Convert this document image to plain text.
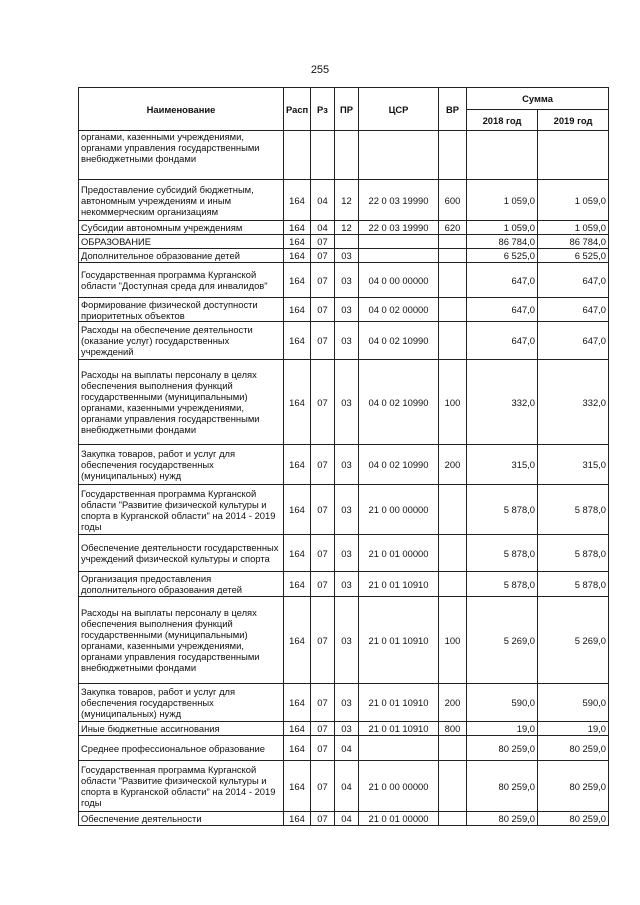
255
Наименование	Расп	Рз	ПР	ЦСР	ВР	Сумма	
						2018 год	2019 год
органами, казенными учреждениями, органами управления государственными внебюджетными фондами							
Предоставление субсидий бюджетным, автономным учреждениям и иным некоммерческим организациям	164	04	12	22 0 03 19990	600	1 059,0	1 059,0
Субсидии автономным учреждениям	164	04	12	22 0 03 19990	620	1 059,0	1 059,0
ОБРАЗОВАНИЕ	164	07				86 784,0	86 784,0
Дополнительное образование детей	164	07	03			6 525,0	6 525,0
Государственная программа Курганской области "Доступная среда для инвалидов"	164	07	03	04 0 00 00000		647,0	647,0
Формирование физической доступности приоритетных объектов	164	07	03	04 0 02 00000		647,0	647,0
Расходы на обеспечение деятельности (оказание услуг) государственных учреждений	164	07	03	04 0 02 10990		647,0	647,0
Расходы на выплаты персоналу в целях обеспечения выполнения функций государственными (муниципальными) органами, казенными учреждениями, органами управления государственными внебюджетными фондами	164	07	03	04 0 02 10990	100	332,0	332,0
Закупка товаров, работ и услуг для обеспечения государственных (муниципальных) нужд	164	07	03	04 0 02 10990	200	315,0	315,0
Государственная программа Курганской области "Развитие физической культуры и спорта в Курганской области" на 2014 - 2019 годы	164	07	03	21 0 00 00000		5 878,0	5 878,0
Обеспечение деятельности государственных учреждений физической культуры и спорта	164	07	03	21 0 01 00000		5 878,0	5 878,0
Организация предоставления дополнительного образования детей	164	07	03	21 0 01 10910		5 878,0	5 878,0
Расходы на выплаты персоналу в целях обеспечения выполнения функций государственными (муниципальными) органами, казенными учреждениями, органами управления государственными внебюджетными фондами	164	07	03	21 0 01 10910	100	5 269,0	5 269,0
Закупка товаров, работ и услуг для обеспечения государственных (муниципальных) нужд	164	07	03	21 0 01 10910	200	590,0	590,0
Иные бюджетные ассигнования	164	07	03	21 0 01 10910	800	19,0	19,0
Среднее профессиональное образование	164	07	04			80 259,0	80 259,0
Государственная программа Курганской области "Развитие физической культуры и спорта в Курганской области" на 2014 - 2019 годы	164	07	04	21 0 00 00000		80 259,0	80 259,0
Обеспечение деятельности	164	07	04	21 0 01 00000		80 259,0	80 259,0
